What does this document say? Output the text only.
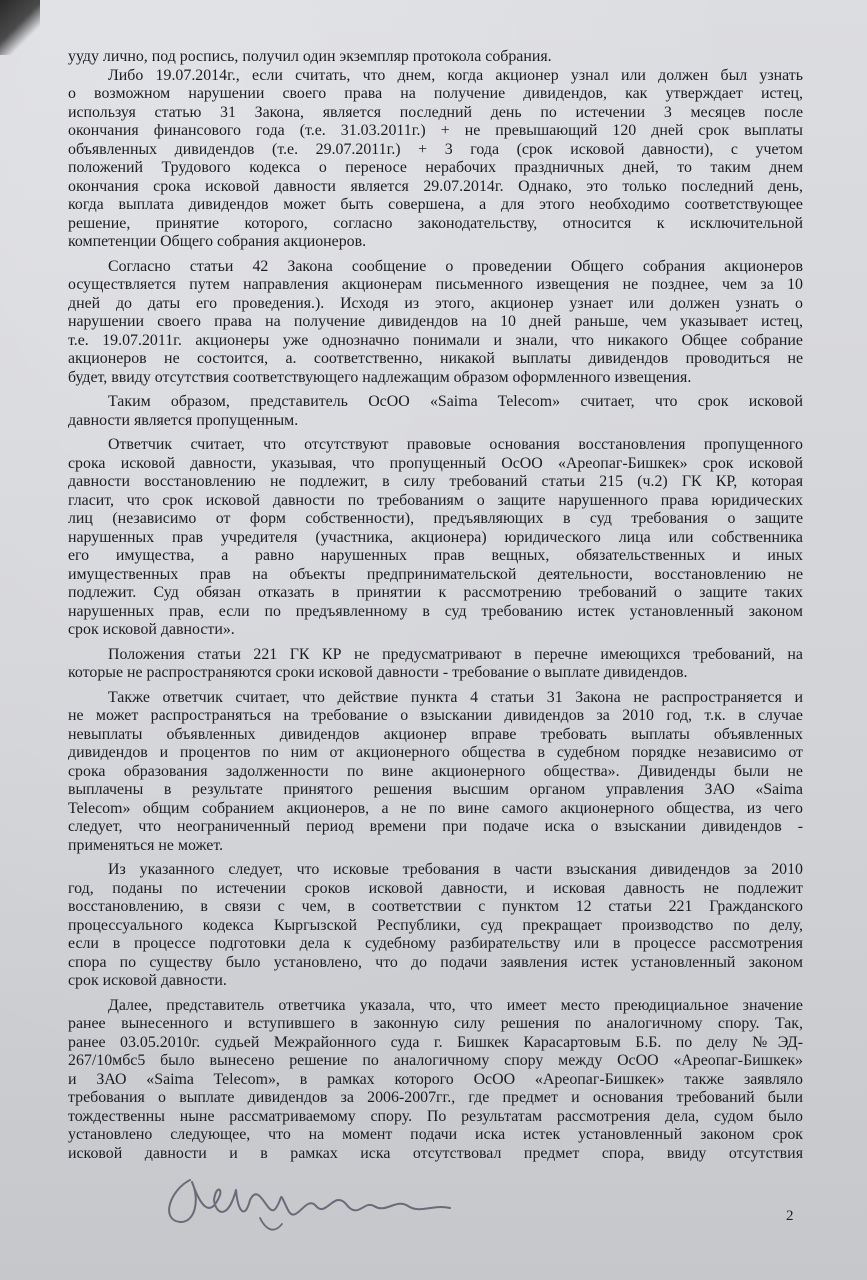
ууду лично, под роспись, получил один экземпляр протокола собрания.
Либо 19.07.2014г., если считать, что днем, когда акционер узнал или должен был узнать
о возможном нарушении своего права на получение дивидендов, как утверждает истец,
используя статью 31 Закона, является последний день по истечении 3 месяцев после
окончания финансового года (т.е. 31.03.2011г.) + не превышающий 120 дней срок выплаты
объявленных дивидендов (т.е. 29.07.2011г.) + 3 года (срок исковой давности), с учетом
положений Трудового кодекса о переносе нерабочих праздничных дней, то таким днем
окончания срока исковой давности является 29.07.2014г. Однако, это только последний день,
когда выплата дивидендов может быть совершена, а для этого необходимо соответствующее
решение, принятие которого, согласно законодательству, относится к исключительной
компетенции Общего собрания акционеров.
Согласно статьи 42 Закона сообщение о проведении Общего собрания акционеров
осуществляется путем направления акционерам письменного извещения не позднее, чем за 10
дней до даты его проведения.). Исходя из этого, акционер узнает или должен узнать о
нарушении своего права на получение дивидендов на 10 дней раньше, чем указывает истец,
т.е. 19.07.2011г. акционеры уже однозначно понимали и знали, что никакого Общее собрание
акционеров не состоится, а. соответственно, никакой выплаты дивидендов проводиться не
будет, ввиду отсутствия соответствующего надлежащим образом оформленного извещения.
Таким образом, представитель ОсОО «Saima Telecom» считает, что срок исковой
давности является пропущенным.
Ответчик считает, что отсутствуют правовые основания восстановления пропущенного
срока исковой давности, указывая, что пропущенный ОсОО «Ареопаг-Бишкек» срок исковой
давности восстановлению не подлежит, в силу требований статьи 215 (ч.2) ГК КР, которая
гласит, что срок исковой давности по требованиям о защите нарушенного права юридических
лиц (независимо от форм собственности), предъявляющих в суд требования о защите
нарушенных прав учредителя (участника, акционера) юридического лица или собственника
его имущества, а равно нарушенных прав вещных, обязательственных и иных
имущественных прав на объекты предпринимательской деятельности, восстановлению не
подлежит. Суд обязан отказать в принятии к рассмотрению требований о защите таких
нарушенных прав, если по предъявленному в суд требованию истек установленный законом
срок исковой давности».
Положения статьи 221 ГК КР не предусматривают в перечне имеющихся требований, на
которые не распространяются сроки исковой давности - требование о выплате дивидендов.
Также ответчик считает, что действие пункта 4 статьи 31 Закона не распространяется и
не может распространяться на требование о взыскании дивидендов за 2010 год, т.к. в случае
невыплаты объявленных дивидендов акционер вправе требовать выплаты объявленных
дивидендов и процентов по ним от акционерного общества в судебном порядке независимо от
срока образования задолженности по вине акционерного общества». Дивиденды были не
выплачены в результате принятого решения высшим органом управления ЗАО «Saima
Telecom» общим собранием акционеров, а не по вине самого акционерного общества, из чего
следует, что неограниченный период времени при подаче иска о взыскании дивидендов -
применяться не может.
Из указанного следует, что исковые требования в части взыскания дивидендов за 2010
год, поданы по истечении сроков исковой давности, и исковая давность не подлежит
восстановлению, в связи с чем, в соответствии с пунктом 12 статьи 221 Гражданского
процессуального кодекса Кыргызской Республики, суд прекращает производство по делу,
если в процессе подготовки дела к судебному разбирательству или в процессе рассмотрения
спора по существу было установлено, что до подачи заявления истек установленный законом
срок исковой давности.
Далее, представитель ответчика указала, что, что имеет место преюдициальное значение
ранее вынесенного и вступившего в законную силу решения по аналогичному спору. Так,
ранее 03.05.2010г. судьей Межрайонного суда г. Бишкек Карасартовым Б.Б. по делу №ЭД-
267/10мбс5 было вынесено решение по аналогичному спору между ОсОО «Ареопаг-Бишкек»
и ЗАО «Saima Telecom», в рамках которого ОсОО «Ареопаг-Бишкек» также заявляло
требования о выплате дивидендов за 2006-2007гг., где предмет и основания требований были
тождественны ныне рассматриваемому спору. По результатам рассмотрения дела, судом было
установлено следующее, что на момент подачи иска истек установленный законом срок
исковой давности и в рамках иска отсутствовал предмет спора, ввиду отсутствия
2
